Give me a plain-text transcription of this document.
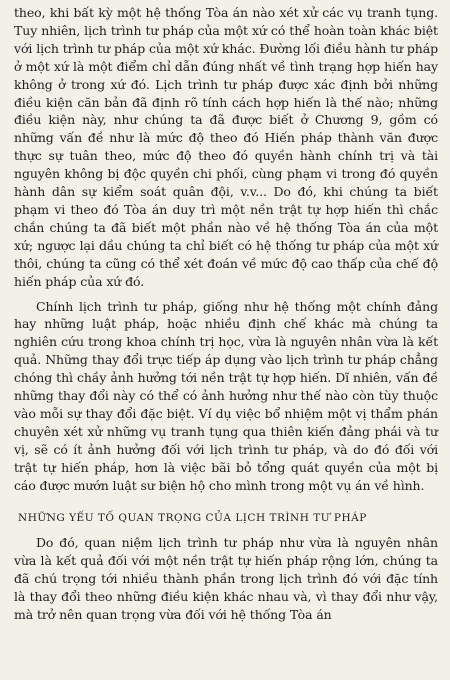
theo, khi bất kỳ một hệ thống Tòa án nào xét xử các vụ tranh tụng. Tuy nhiên, lịch trình tư pháp của một xứ có thể hoàn toàn khác biệt với lịch trình tư pháp của một xứ khác. Đường lối điều hành tư pháp ở một xứ là một điểm chỉ dẫn đúng nhất về tình trạng hợp hiến hay không ở trong xứ đó. Lịch trình tư pháp được xác định bởi những điều kiện căn bản đã định rõ tính cách hợp hiến là thế nào; những điều kiện này, như chúng ta đã được biết ở Chương 9, gồm có những vấn đề như là mức độ theo đó Hiến pháp thành văn được thực sự tuân theo, mức độ theo đó quyền hành chính trị và tài nguyên không bị độc quyền chi phối, cùng phạm vi trong đó quyền hành dân sự kiểm soát quân đội, v.v... Do đó, khi chúng ta biết phạm vi theo đó Tòa án duy trì một nền trật tự hợp hiến thì chắc chắn chúng ta đã biết một phần nào về hệ thống Tòa án của một xứ; ngược lại dầu chúng ta chỉ biết có hệ thống tư pháp của một xứ thôi, chúng ta cũng có thể xét đoán về mức độ cao thấp của chế độ hiến pháp của xứ đó.

Chính lịch trình tư pháp, giống như hệ thống một chính đảng hay những luật pháp, hoặc nhiều định chế khác mà chúng ta nghiên cứu trong khoa chính trị học, vừa là nguyên nhân vừa là kết quả. Những thay đổi trực tiếp áp dụng vào lịch trình tư pháp chẳng chóng thì chầy ảnh hưởng tới nền trật tự hợp hiến. Dĩ nhiên, vấn đề những thay đổi này có thể có ảnh hưởng như thế nào còn tùy thuộc vào mỗi sự thay đổi đặc biệt. Ví dụ việc bổ nhiệm một vị thẩm phán chuyên xét xử những vụ tranh tụng qua thiên kiến đảng phái và tư vị, sẽ có ít ảnh hưởng đối với lịch trình tư pháp, và do đó đối với trật tự hiến pháp, hơn là việc bãi bỏ tổng quát quyền của một bị cáo được mướn luật sư biện hộ cho mình trong một vụ án về hình.

NHỮNG YẾU TỐ QUAN TRỌNG CỦA LỊCH TRÌNH TƯ PHÁP

Do đó, quan niệm lịch trình tư pháp như vừa là nguyên nhân vừa là kết quả đối với một nền trật tự hiến pháp rộng lớn, chúng ta đã chú trọng tới nhiều thành phần trong lịch trình đó với đặc tính là thay đổi theo những điều kiện khác nhau và, vì thay đổi như vậy, mà trở nên quan trọng vừa đối với hệ thống Tòa án
